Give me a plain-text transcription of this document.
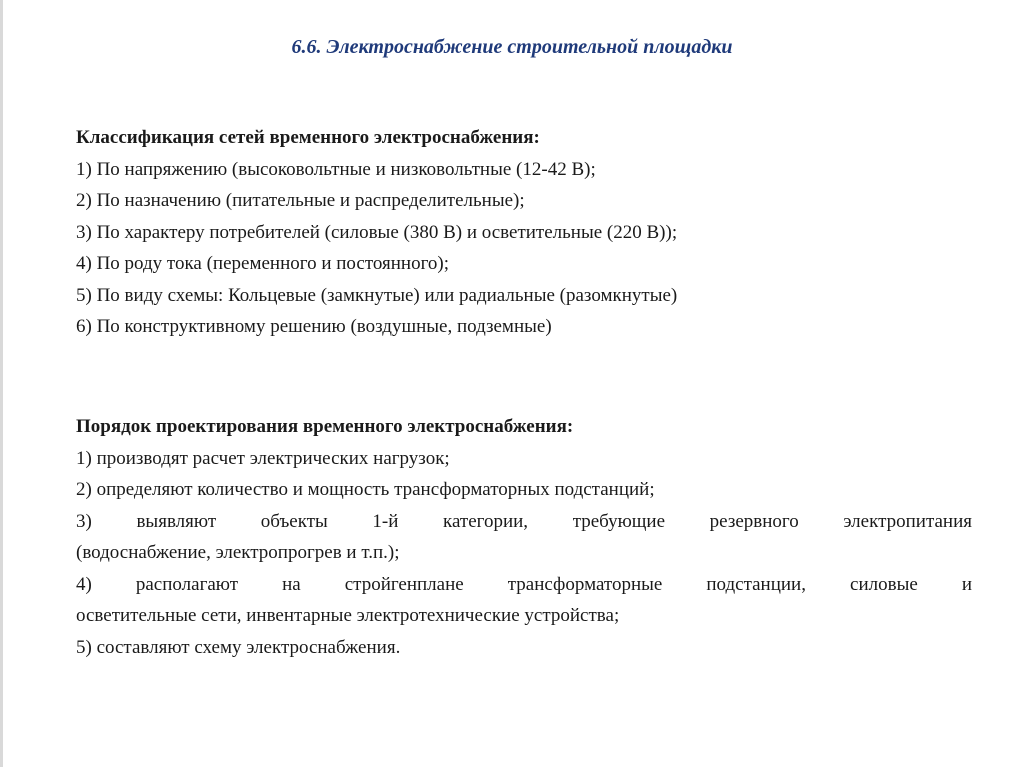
6.6. Электроснабжение строительной площадки

Классификация сетей временного электроснабжения:

1) По напряжению (высоковольтные и низковольтные (12-42 В);

2) По назначению (питательные и распределительные);

3) По характеру потребителей (силовые (380 В) и осветительные (220 В));

4) По роду тока (переменного и постоянного);

5) По виду схемы: Кольцевые (замкнутые) или радиальные (разомкнутые)

6) По конструктивному решению (воздушные, подземные)

Порядок проектирования временного электроснабжения:

1) производят расчет электрических нагрузок;

2) определяют количество и мощность трансформаторных подстанций;

3) выявляют объекты 1-й категории, требующие резервного электропитания

(водоснабжение, электропрогрев и т.п.);

4) располагают на стройгенплане трансформаторные подстанции, силовые и

осветительные сети, инвентарные электротехнические устройства;

5) составляют схему электроснабжения.
